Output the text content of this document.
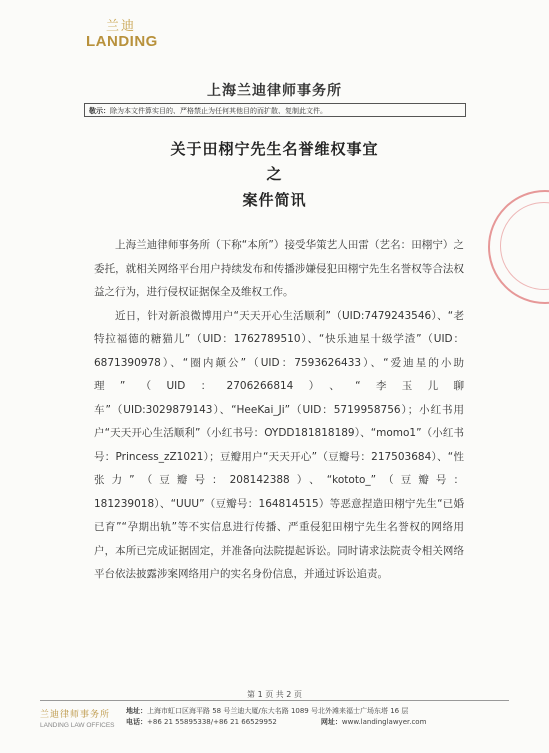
兰迪
LANDING
上海兰迪律师事务所
敬示：除为本文件算实目的、严格禁止为任何其他目的而扩散、复制此文件。
关于田栩宁先生名誉维权事宜
之
案件简讯

上海兰迪律师事务所（下称“本所”）接受华策艺人田雷（艺名：田栩宁）之委托，就相关网络平台用户持续发布和传播涉嫌侵犯田栩宁先生名誉权等合法权益之行为，进行侵权证据保全及维权工作。

近日，针对新浪微博用户“天天开心生活顺利”（UID:7479243546）、“老特拉福德的糖猫儿”（UID：1762789510）、“快乐迪星十级学渣”（UID：6871390978）、“圈内颠公”（UID：7593626433）、“爱迪星的小助理”（UID：2706266814）、“李玉儿聊车”（UID:3029879143）、“HeeKai_Ji”（UID：5719958756）；小红书用户“天天开心生活顺利”（小红书号：OYDD181818189）、“momo1”（小红书号：Princess_zZ1021）；豆瓣用户“天天开心”（豆瓣号：217503684）、“性张力”（豆瓣号：208142388）、“kototo_”（豆瓣号：181239018）、“UUU”（豆瓣号：164814515）等恶意捏造田栩宁先生“已婚已育”“孕期出轨”等不实信息进行传播、严重侵犯田栩宁先生名誉权的网络用户，本所已完成证据固定，并准备向法院提起诉讼。同时请求法院责令相关网络平台依法披露涉案网络用户的实名身份信息，并通过诉讼追责。

第 1 页 共 2 页
兰迪律师事务所
LANDING LAW OFFICES
地址：上海市虹口区海平路 58 号兰迪大厦/东大名路 1089 号北外滩来福士广场东塔 16 层
电话：+86 21 55895338/+86 21 66529952	网址：www.landinglawyer.com
